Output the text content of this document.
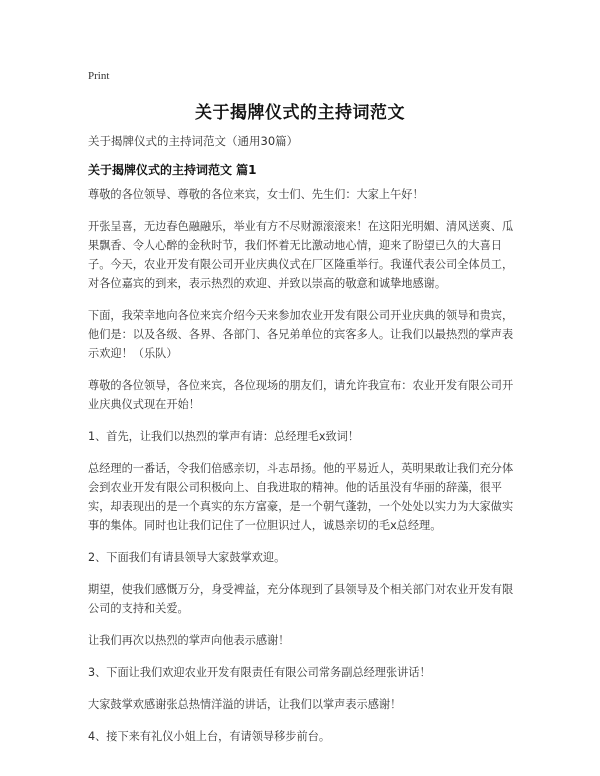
Print
关于揭牌仪式的主持词范文
关于揭牌仪式的主持词范文（通用30篇）
关于揭牌仪式的主持词范文 篇1

尊敬的各位领导、尊敬的各位来宾，女士们、先生们：大家上午好！

开张呈喜，无边春色融融乐，举业有方不尽财源滚滚来！在这阳光明媚、清风送爽、瓜果飘香、令人心醉的金秋时节，我们怀着无比激动地心情，迎来了盼望已久的大喜日子。今天，农业开发有限公司开业庆典仪式在厂区隆重举行。我谨代表公司全体员工，对各位嘉宾的到来，表示热烈的欢迎、并致以崇高的敬意和诚挚地感谢。

下面，我荣幸地向各位来宾介绍今天来参加农业开发有限公司开业庆典的领导和贵宾，他们是：以及各级、各界、各部门、各兄弟单位的宾客多人。让我们以最热烈的掌声表示欢迎！（乐队）

尊敬的各位领导，各位来宾，各位现场的朋友们，请允许我宣布：农业开发有限公司开业庆典仪式现在开始！

1、首先，让我们以热烈的掌声有请：总经理毛x致词！

总经理的一番话，令我们倍感亲切，斗志昂扬。他的平易近人，英明果敢让我们充分体会到农业开发有限公司积极向上、自我进取的精神。他的话虽没有华丽的辞藻，很平实，却表现出的是一个真实的东方富豪，是一个朝气蓬勃，一个处处以实力为大家做实事的集体。同时也让我们记住了一位胆识过人，诚恳亲切的毛x总经理。

2、下面我们有请县领导大家鼓掌欢迎。

期望，使我们感慨万分，身受裨益，充分体现到了县领导及个相关部门对农业开发有限公司的支持和关爱。

让我们再次以热烈的掌声向他表示感谢！

3、下面让我们欢迎农业开发有限责任有限公司常务副总经理张讲话！

大家鼓掌欢感谢张总热情洋溢的讲话，让我们以掌声表示感谢！

4、接下来有礼仪小姐上台，有请领导移步前台。
